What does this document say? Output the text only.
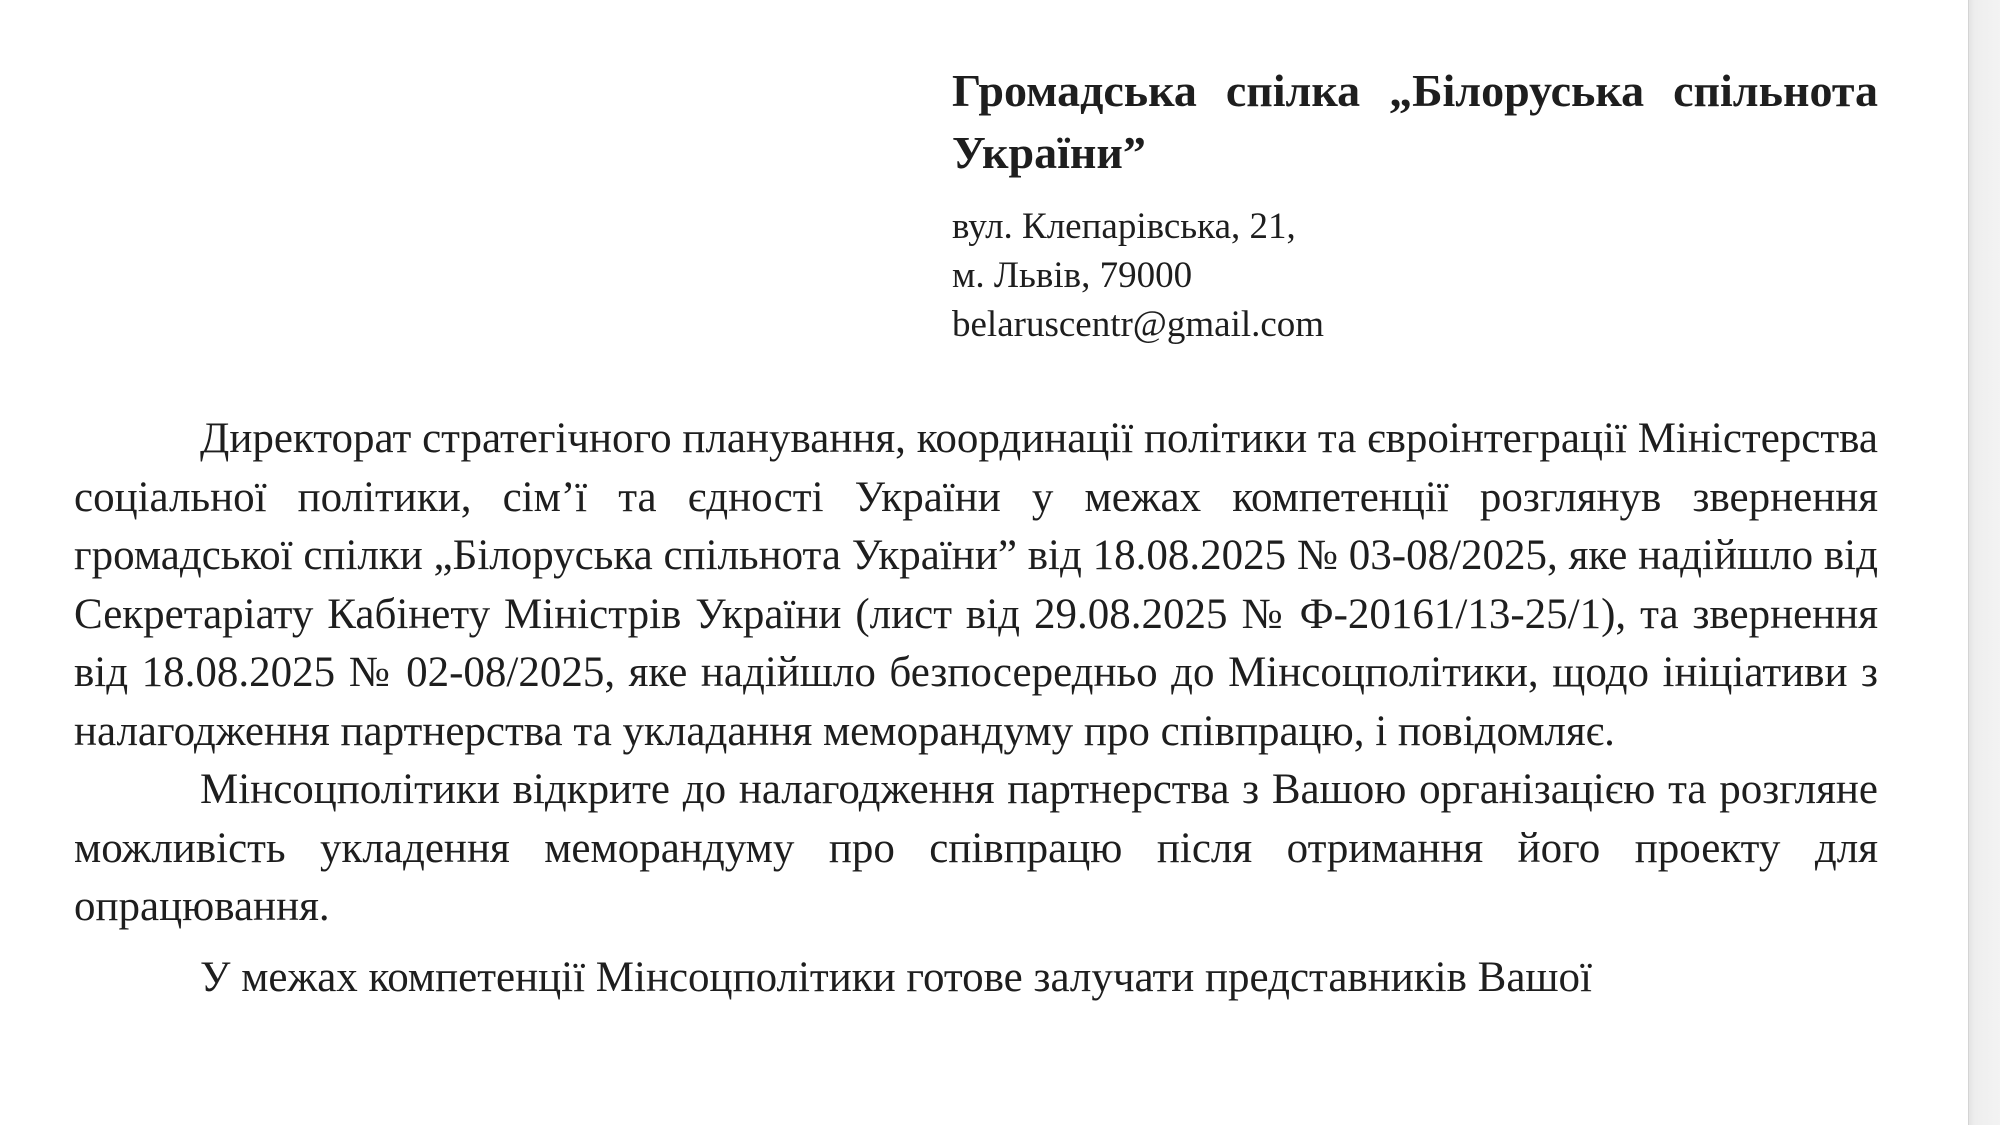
Громадська спілка „Білоруська спільнота України”

вул. Клепарівська, 21,
м. Львів, 79000
belaruscentr@gmail.com

Директорат стратегічного планування, координації політики та євроінтеграції Міністерства соціальної політики, сім’ї та єдності України у межах компетенції розглянув звернення громадської спілки „Білоруська спільнота України” від 18.08.2025 № 03-08/2025, яке надійшло від Секретаріату Кабінету Міністрів України (лист від 29.08.2025 № Ф-20161/13-25/1), та звернення від 18.08.2025 № 02-08/2025, яке надійшло безпосередньо до Мінсоцполітики, щодо ініціативи з налагодження партнерства та укладання меморандуму про співпрацю, і повідомляє.

Мінсоцполітики відкрите до налагодження партнерства з Вашою організацією та розгляне можливість укладення меморандуму про співпрацю після отримання його проекту для опрацювання.

У межах компетенції Мінсоцполітики готове залучати представників Вашої
